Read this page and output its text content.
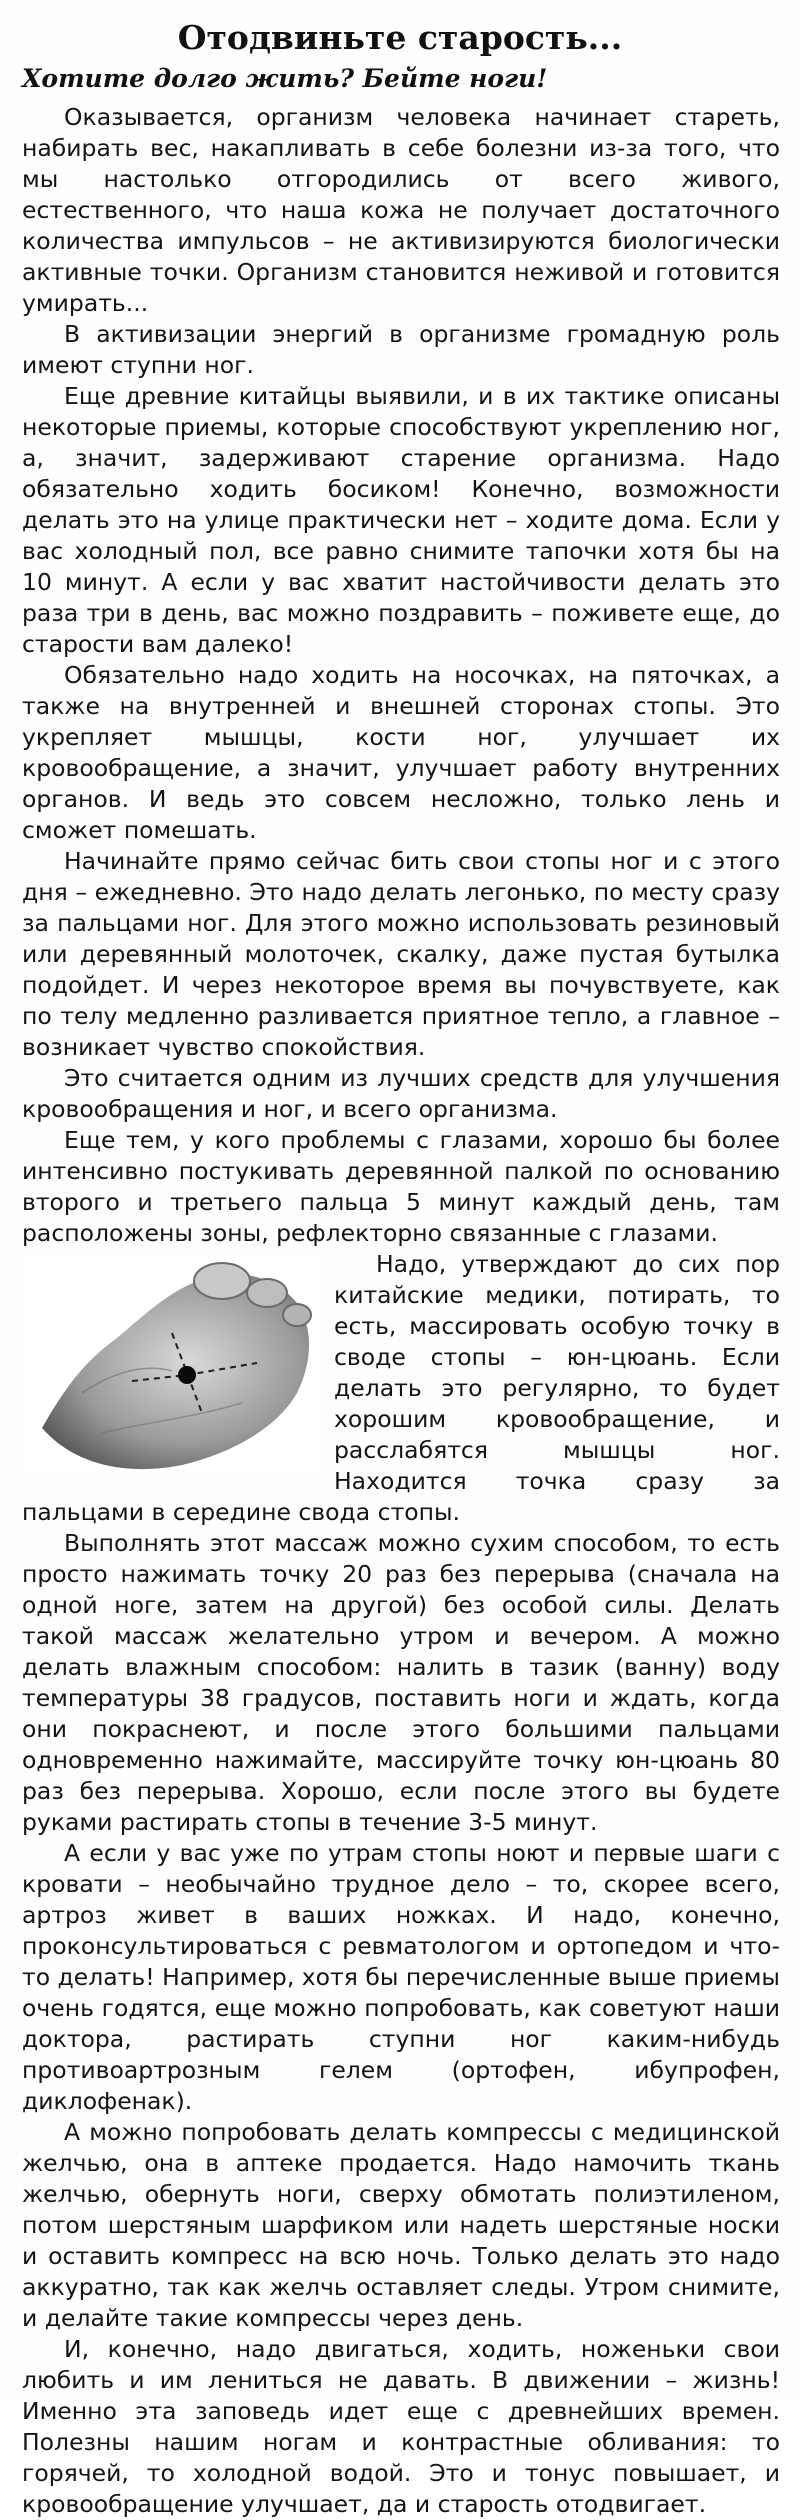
Отодвиньте старость...
Хотите долго жить? Бейте ноги!

Оказывается, организм человека начинает стареть, набирать вес, накапливать в себе болезни из-за того, что мы настолько отгородились от всего живого, естественного, что наша кожа не получает достаточного количества импульсов – не активизируются биологически активные точки. Организм становится неживой и готовится умирать...

В активизации энергий в организме громадную роль имеют ступни ног.

Еще древние китайцы выявили, и в их тактике описаны некоторые приемы, которые способствуют укреплению ног, а, значит, задерживают старение организма. Надо обязательно ходить босиком! Конечно, возможности делать это на улице практически нет – ходите дома. Если у вас холодный пол, все равно снимите тапочки хотя бы на 10 минут. А если у вас хватит настойчивости делать это раза три в день, вас можно поздравить – поживете еще, до старости вам далеко!

Обязательно надо ходить на носочках, на пяточках, а также на внутренней и внешней сторонах стопы. Это укрепляет мышцы, кости ног, улучшает их кровообращение, а значит, улучшает работу внутренних органов. И ведь это совсем несложно, только лень и сможет помешать.

Начинайте прямо сейчас бить свои стопы ног и с этого дня – ежедневно. Это надо делать легонько, по месту сразу за пальцами ног. Для этого можно использовать резиновый или деревянный молоточек, скалку, даже пустая бутылка подойдет. И через некоторое время вы почувствуете, как по телу медленно разливается приятное тепло, а главное – возникает чувство спокойствия.

Это считается одним из лучших средств для улучшения кровообращения и ног, и всего организма.

Еще тем, у кого проблемы с глазами, хорошо бы более интенсивно постукивать деревянной палкой по основанию второго и третьего пальца 5 минут каждый день, там расположены зоны, рефлекторно связанные с глазами.

Надо, утверждают до сих пор китайские медики, потирать, то есть, массировать особую точку в своде стопы – юн-цюань. Если делать это регулярно, то будет хорошим кровообращение, и расслабятся мышцы ног. Находится точка сразу за пальцами в середине свода стопы.

Выполнять этот массаж можно сухим способом, то есть просто нажимать точку 20 раз без перерыва (сначала на одной ноге, затем на другой) без особой силы. Делать такой массаж желательно утром и вечером. А можно делать влажным способом: налить в тазик (ванну) воду температуры 38 градусов, поставить ноги и ждать, когда они покраснеют, и после этого большими пальцами одновременно нажимайте, массируйте точку юн-цюань 80 раз без перерыва. Хорошо, если после этого вы будете руками растирать стопы в течение 3-5 минут.

А если у вас уже по утрам стопы ноют и первые шаги с кровати – необычайно трудное дело – то, скорее всего, артроз живет в ваших ножках. И надо, конечно, проконсультироваться с ревматологом и ортопедом и что-то делать! Например, хотя бы перечисленные выше приемы очень годятся, еще можно попробовать, как советуют наши доктора, растирать ступни ног каким-нибудь противоартрозным гелем (ортофен, ибупрофен, диклофенак).

А можно попробовать делать компрессы с медицинской желчью, она в аптеке продается. Надо намочить ткань желчью, обернуть ноги, сверху обмотать полиэтиленом, потом шерстяным шарфиком или надеть шерстяные носки и оставить компресс на всю ночь. Только делать это надо аккуратно, так как желчь оставляет следы. Утром снимите, и делайте такие компрессы через день.

И, конечно, надо двигаться, ходить, ноженьки свои любить и им лениться не давать. В движении – жизнь! Именно эта заповедь идет еще с древнейших времен. Полезны нашим ногам и контрастные обливания: то горячей, то холодной водой. Это и тонус повышает, и кровообращение улучшает, да и старость отодвигает.
